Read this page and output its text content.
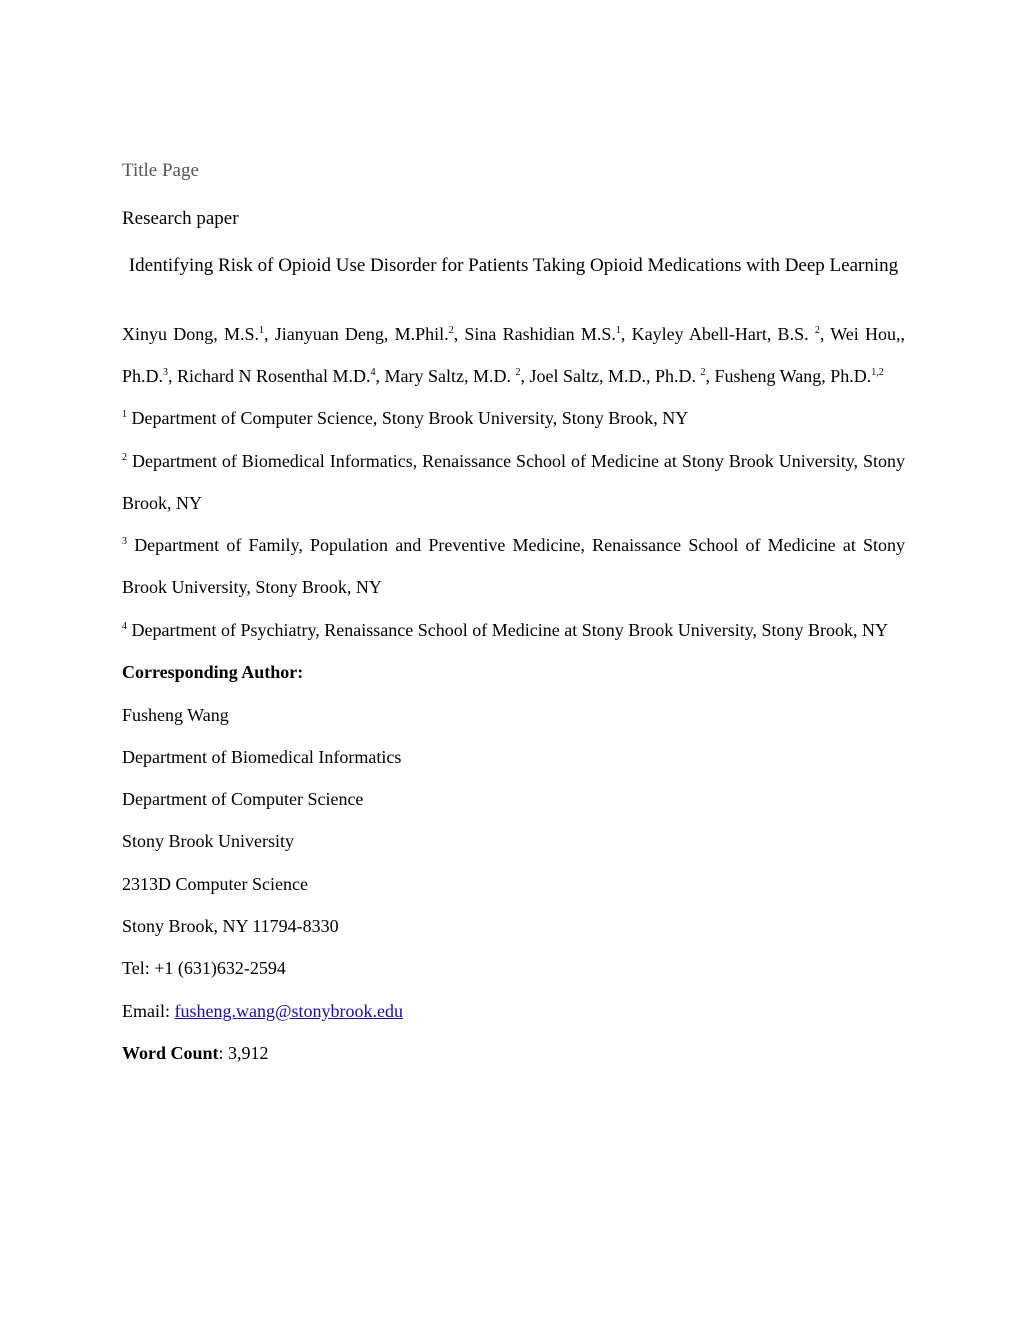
Title Page
Research paper
Identifying Risk of Opioid Use Disorder for Patients Taking Opioid Medications with Deep Learning
Xinyu Dong, M.S.$^1$, Jianyuan Deng, M.Phil.$^2$, Sina Rashidian M.S.$^1$, Kayley Abell-Hart, B.S. $^2$, Wei Hou,,
Ph.D.$^3$, Richard N Rosenthal M.D.$^4$, Mary Saltz, M.D. $^2$, Joel Saltz, M.D., Ph.D. $^2$, Fusheng Wang, Ph.D.$^{1,2}$
$^1$ Department of Computer Science, Stony Brook University, Stony Brook, NY
$^2$ Department of Biomedical Informatics, Renaissance School of Medicine at Stony Brook University, Stony
Brook, NY
$^3$ Department of Family, Population and Preventive Medicine, Renaissance School of Medicine at Stony
Brook University, Stony Brook, NY
$^4$ Department of Psychiatry, Renaissance School of Medicine at Stony Brook University, Stony Brook, NY
Corresponding Author:
Fusheng Wang
Department of Biomedical Informatics
Department of Computer Science
Stony Brook University
2313D Computer Science
Stony Brook, NY 11794-8330
Tel: +1 (631)632-2594
Email: fusheng.wang@stonybrook.edu
Word Count: 3,912
